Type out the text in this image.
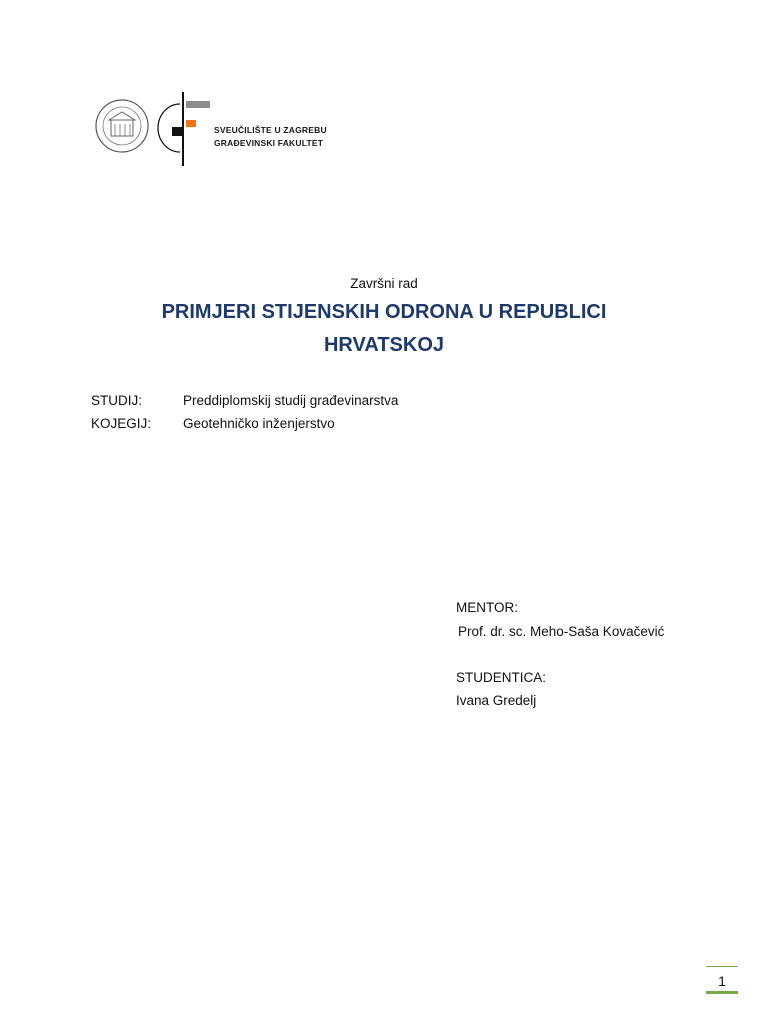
SVEUČILIŠTE U ZAGREBU
GRAĐEVINSKI FAKULTET
Završni rad
PRIMJERI STIJENSKIH ODRONA U REPUBLICI
HRVATSKOJ
STUDIJ:	Preddiplomskij studij građevinarstva
KOJEGIJ: Geotehničko inženjerstvo
MENTOR:
Prof. dr. sc. Meho-Saša Kovačević
STUDENTICA:
Ivana Gredelj
1
